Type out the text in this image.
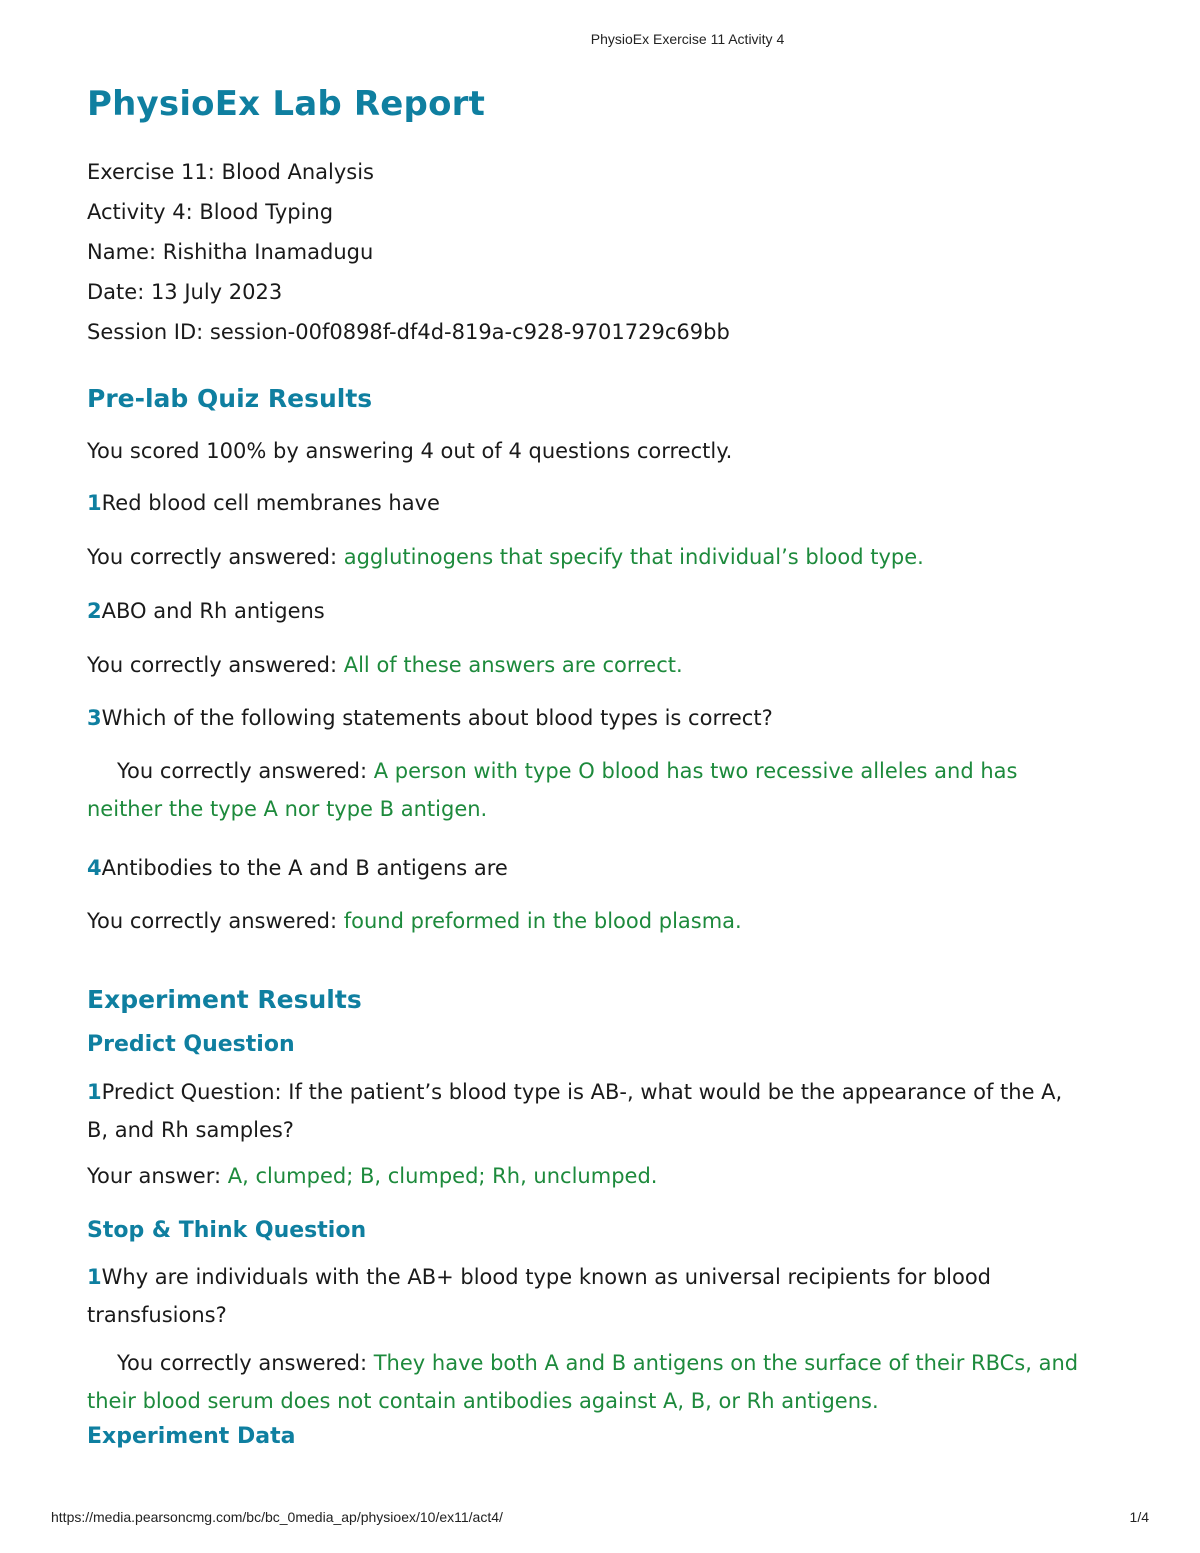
PhysioEx Exercise 11 Activity 4
PhysioEx Lab Report
Exercise 11: Blood Analysis
Activity 4: Blood Typing
Name: Rishitha Inamadugu
Date: 13 July 2023
Session ID: session-00f0898f-df4d-819a-c928-9701729c69bb
Pre-lab Quiz Results
You scored 100% by answering 4 out of 4 questions correctly.
1Red blood cell membranes have
You correctly answered: agglutinogens that specify that individual’s blood type.
2ABO and Rh antigens
You correctly answered: All of these answers are correct.
3Which of the following statements about blood types is correct?
You correctly answered: A person with type O blood has two recessive alleles and has
neither the type A nor type B antigen.
4Antibodies to the A and B antigens are
You correctly answered: found preformed in the blood plasma.
Experiment Results
Predict Question
1Predict Question: If the patient’s blood type is AB-, what would be the appearance of the A,
B, and Rh samples?
Your answer: A, clumped; B, clumped; Rh, unclumped.
Stop & Think Question
1Why are individuals with the AB+ blood type known as universal recipients for blood
transfusions?
You correctly answered: They have both A and B antigens on the surface of their RBCs, and
their blood serum does not contain antibodies against A, B, or Rh antigens.
Experiment Data
https://media.pearsoncmg.com/bc/bc_0media_ap/physioex/10/ex11/act4/	1/4
